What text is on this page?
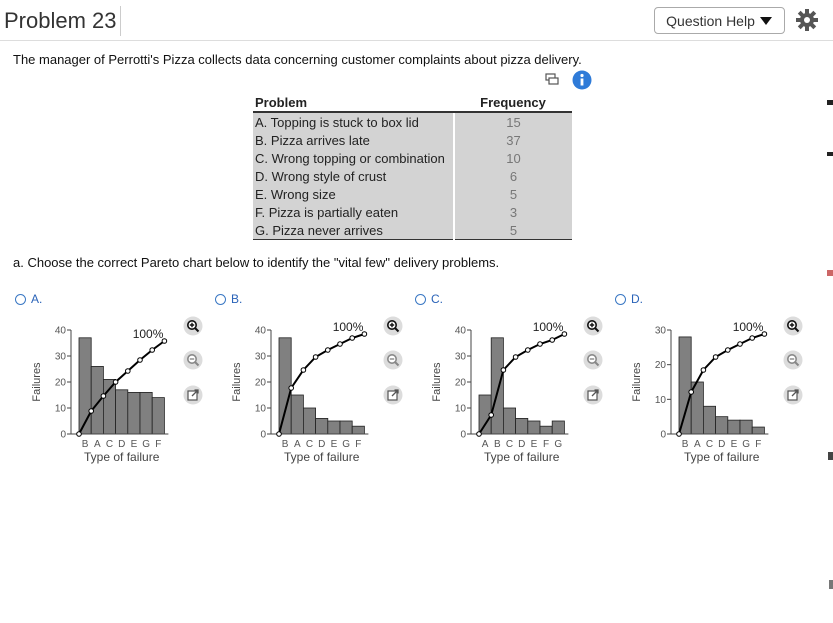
Problem 23	Question Help
The manager of Perrotti's Pizza collects data concerning customer complaints about pizza delivery.
Problem	Frequency
A. Topping is stuck to box lid	15
B. Pizza arrives late	37
C. Wrong topping or combination	10
D. Wrong style of crust	6
E. Wrong size	5
F. Pizza is partially eaten	3
G. Pizza never arrives	5
a. Choose the correct Pareto chart below to identify the "vital few" delivery problems.
A.	B.	C.	D.
Failures
0
10
20
30
40
B A C D E G F
100%
Type of failure
Failures
0
10
20
30
40
B A C D E G F
100%
Type of failure
Failures
0
10
20
30
40
A B C D E F G
100%
Type of failure
Failures
0
10
20
30
B A C D E G F
100%
Type of failure
